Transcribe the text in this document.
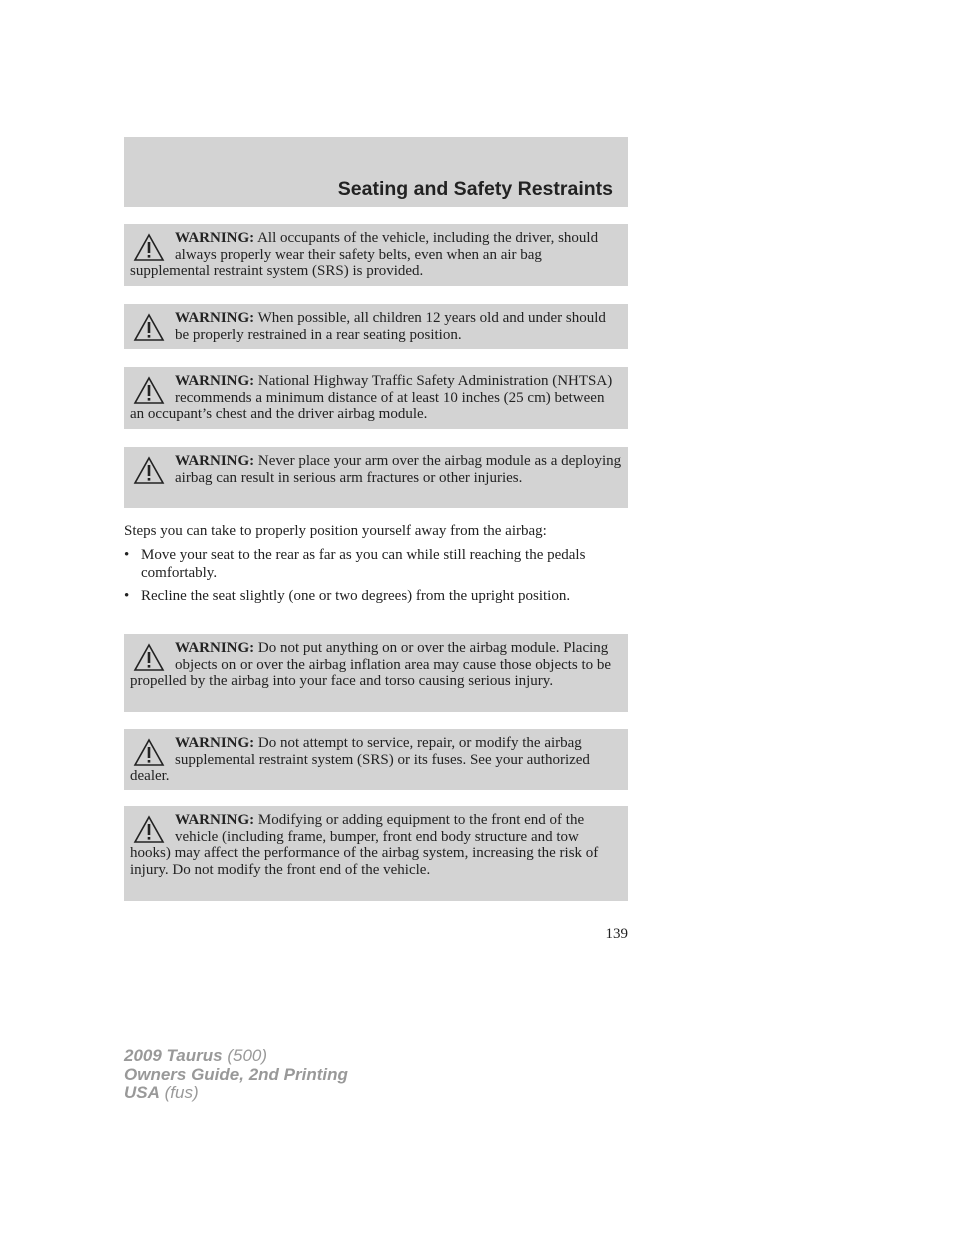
Seating and Safety Restraints
WARNING: All occupants of the vehicle, including the driver, should always properly wear their safety belts, even when an air bag supplemental restraint system (SRS) is provided.
WARNING: When possible, all children 12 years old and under should be properly restrained in a rear seating position.
WARNING: National Highway Traffic Safety Administration (NHTSA) recommends a minimum distance of at least 10 inches (25 cm) between an occupant’s chest and the driver airbag module.
WARNING: Never place your arm over the airbag module as a deploying airbag can result in serious arm fractures or other injuries.
Steps you can take to properly position yourself away from the airbag:
• Move your seat to the rear as far as you can while still reaching the pedals comfortably.
• Recline the seat slightly (one or two degrees) from the upright position.
WARNING: Do not put anything on or over the airbag module. Placing objects on or over the airbag inflation area may cause those objects to be propelled by the airbag into your face and torso causing serious injury.
WARNING: Do not attempt to service, repair, or modify the airbag supplemental restraint system (SRS) or its fuses. See your authorized dealer.
WARNING: Modifying or adding equipment to the front end of the vehicle (including frame, bumper, front end body structure and tow hooks) may affect the performance of the airbag system, increasing the risk of injury. Do not modify the front end of the vehicle.
139
2009 Taurus (500)
Owners Guide, 2nd Printing
USA (fus)
